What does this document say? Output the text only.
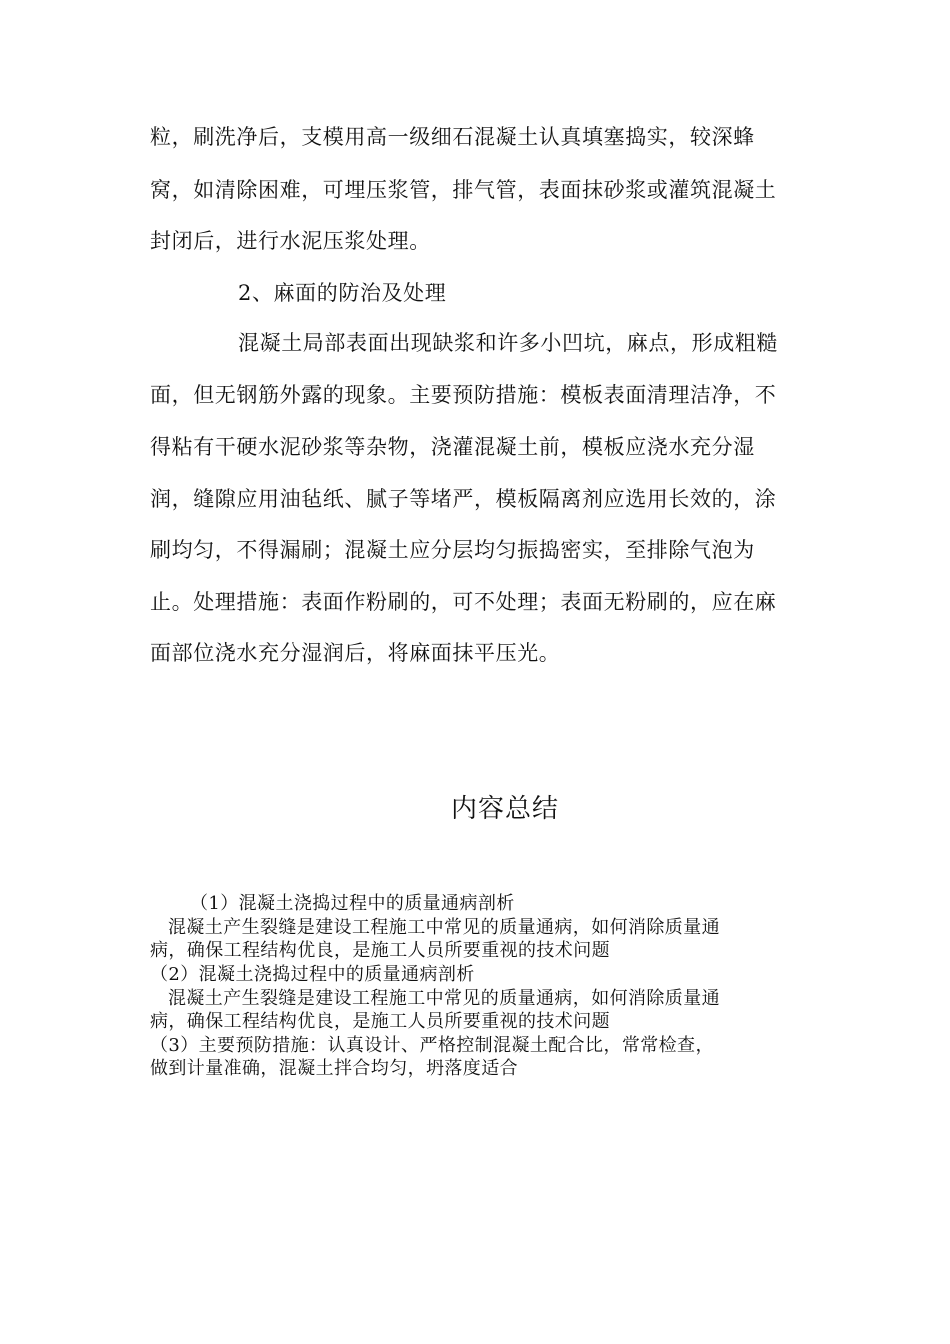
粒，刷洗净后，支模用高一级细石混凝土认真填塞捣实，较深蜂
窝，如清除困难，可埋压浆管，排气管，表面抹砂浆或灌筑混凝土
封闭后，进行水泥压浆处理。
2、麻面的防治及处理
混凝土局部表面出现缺浆和许多小凹坑，麻点，形成粗糙
面，但无钢筋外露的现象。主要预防措施：模板表面清理洁净，不
得粘有干硬水泥砂浆等杂物，浇灌混凝土前，模板应浇水充分湿
润，缝隙应用油毡纸、腻子等堵严，模板隔离剂应选用长效的，涂
刷均匀，不得漏刷；混凝土应分层均匀振捣密实，至排除气泡为
止。处理措施：表面作粉刷的，可不处理；表面无粉刷的，应在麻
面部位浇水充分湿润后，将麻面抹平压光。
内容总结
（1）混凝土浇捣过程中的质量通病剖析
混凝土产生裂缝是建设工程施工中常见的质量通病，如何消除质量通
病，确保工程结构优良，是施工人员所要重视的技术问题
（2）混凝土浇捣过程中的质量通病剖析
混凝土产生裂缝是建设工程施工中常见的质量通病，如何消除质量通
病，确保工程结构优良，是施工人员所要重视的技术问题
（3）主要预防措施：认真设计、严格控制混凝土配合比，常常检查，
做到计量准确，混凝土拌合均匀，坍落度适合
